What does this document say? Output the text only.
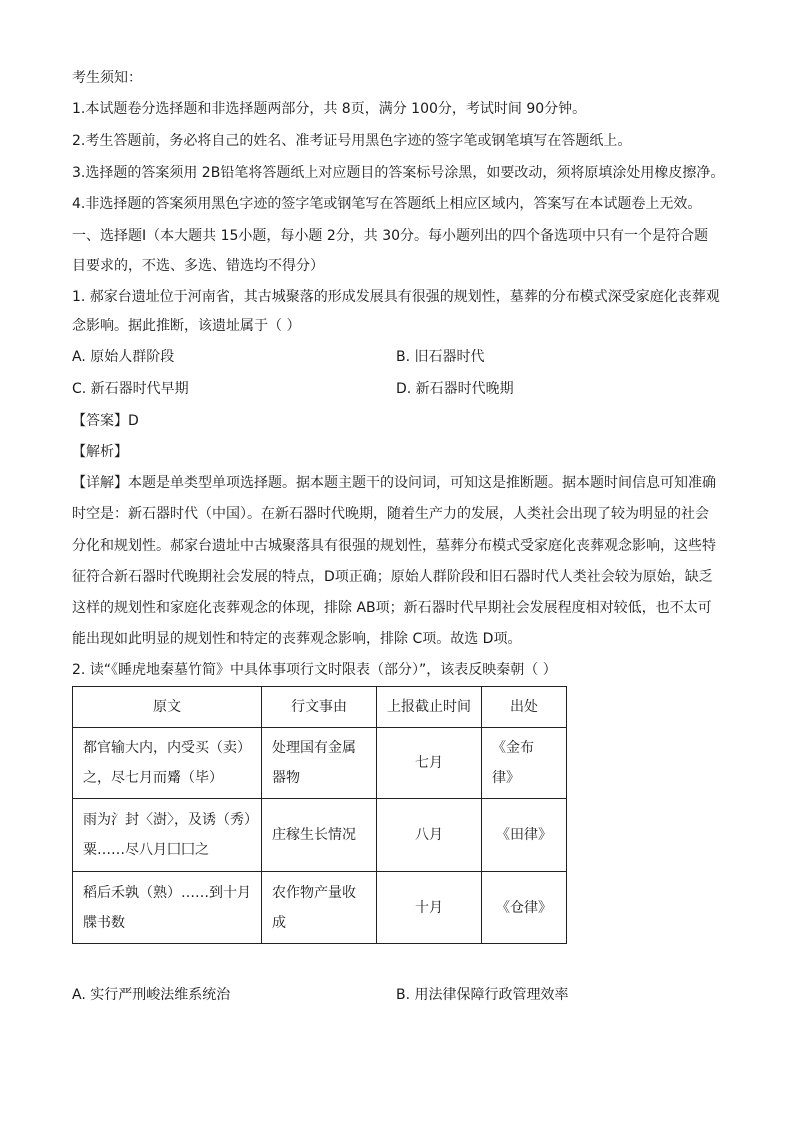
考生须知：
1.本试题卷分选择题和非选择题两部分，共 8页，满分 100分，考试时间 90分钟。
2.考生答题前，务必将自己的姓名、准考证号用黑色字迹的签字笔或钢笔填写在答题纸上。
3.选择题的答案须用 2B铅笔将答题纸上对应题目的答案标号涂黑，如要改动，须将原填涂处用橡皮擦净。
4.非选择题的答案须用黑色字迹的签字笔或钢笔写在答题纸上相应区域内，答案写在本试题卷上无效。
一、选择题Ⅰ（本大题共 15小题，每小题 2分，共 30分。每小题列出的四个备选项中只有一个是符合题
目要求的，不选、多选、错选均不得分）
1. 郝家台遗址位于河南省，其古城聚落的形成发展具有很强的规划性，墓葬的分布模式深受家庭化丧葬观
念影响。据此推断，该遗址属于（ ）
A. 原始人群阶段	B. 旧石器时代
C. 新石器时代早期	D. 新石器时代晚期
【答案】D
【解析】
【详解】本题是单类型单项选择题。据本题主题干的设问词，可知这是推断题。据本题时间信息可知准确
时空是：新石器时代（中国）。在新石器时代晚期，随着生产力的发展，人类社会出现了较为明显的社会
分化和规划性。郝家台遗址中古城聚落具有很强的规划性，墓葬分布模式受家庭化丧葬观念影响，这些特
征符合新石器时代晚期社会发展的特点，D项正确；原始人群阶段和旧石器时代人类社会较为原始，缺乏
这样的规划性和家庭化丧葬观念的体现，排除 AB项；新石器时代早期社会发展程度相对较低，也不太可
能出现如此明显的规划性和特定的丧葬观念影响，排除 C项。故选 D项。
2. 读“《睡虎地秦墓竹简》中具体事项行文时限表（部分）”，该表反映秦朝（ ）
原文	行文事由	上报截止时间	出处

都官输大内，内受买（卖）
之，尽七月而觱（毕）	处理国有金属
器物	七月	《金布
律》

雨为氵封〈澍〉，及诱（秀）
粟……尽八月囗囗之	庄稼生长情况	八月	《田律》

稻后禾孰（熟）……到十月
牒书数	农作物产量收
成	十月	《仓律》
A. 实行严刑峻法维系统治	B. 用法律保障行政管理效率
